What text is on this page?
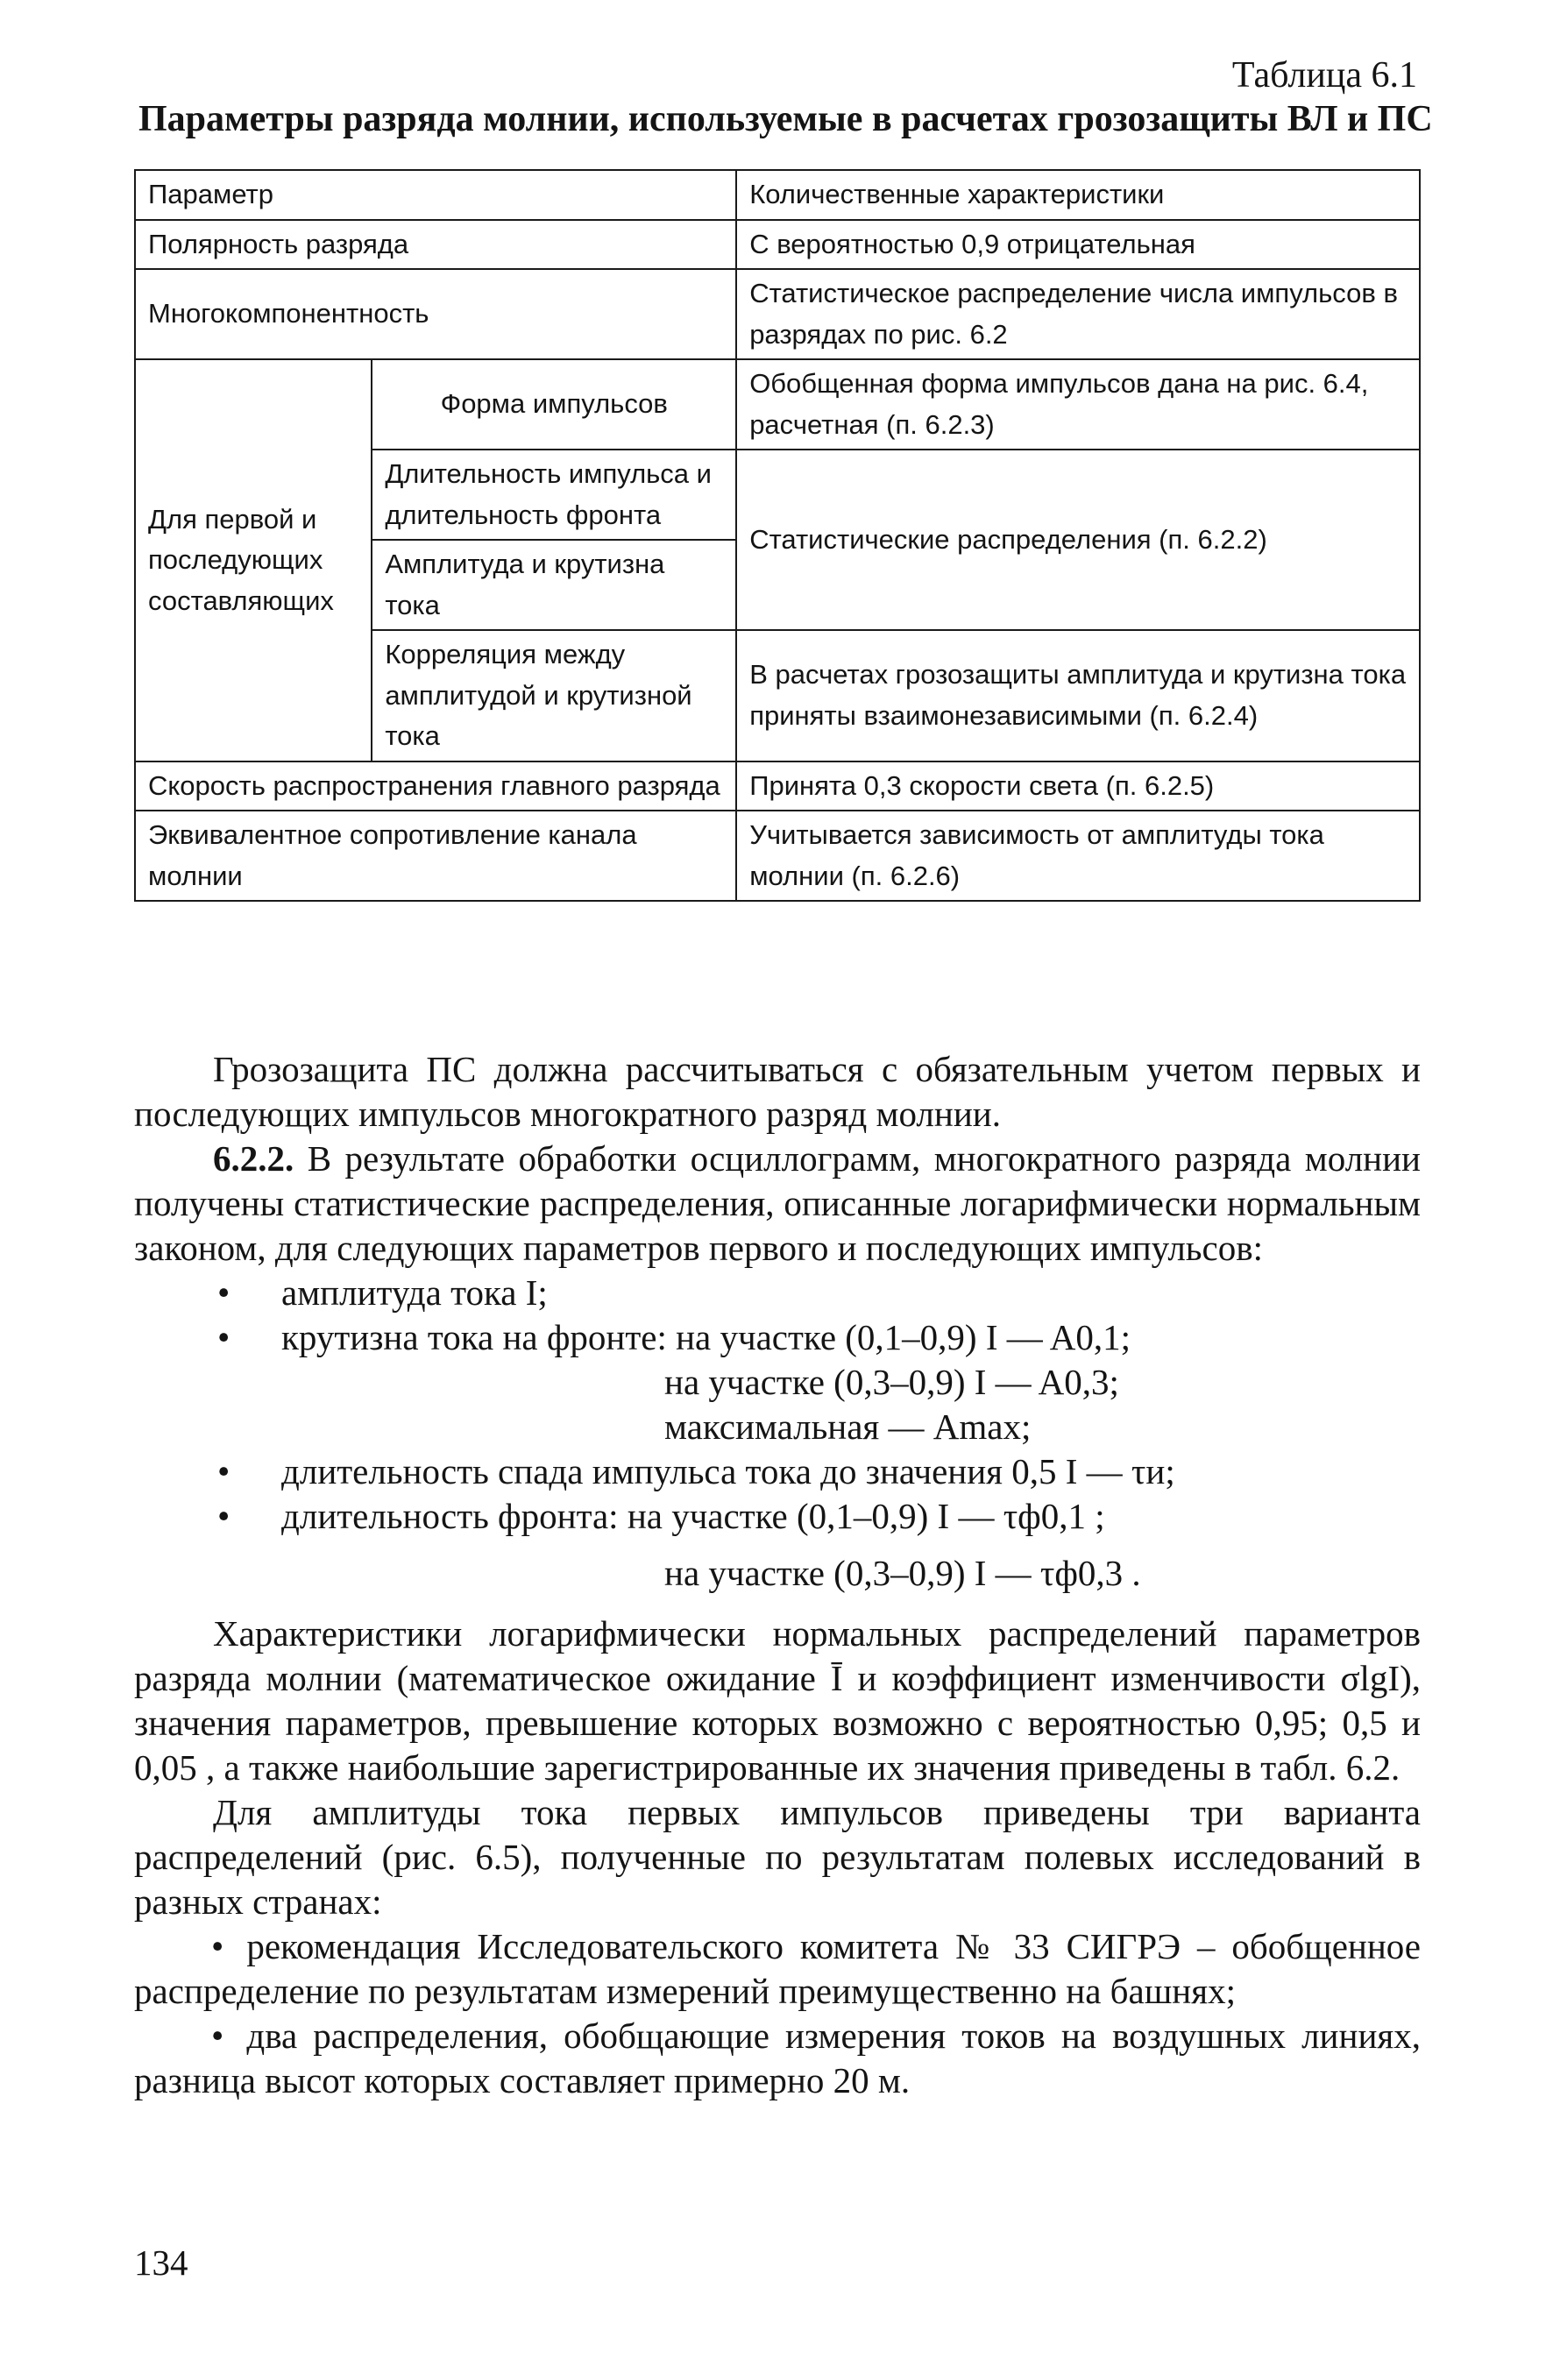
Таблица 6.1
Параметры разряда молнии, используемые в расчетах грозозащиты ВЛ и ПС
Параметр		Количественные характеристики
Полярность разряда		С вероятностью 0,9 отрицательная
Многокомпонентность		Статистическое распределение числа импульсов в разрядах по рис. 6.2
Для первой и последующих составляющих	Форма импульсов	Обобщенная форма импульсов дана на рис. 6.4, расчетная (п. 6.2.3)
	Длительность импульса и длительность фронта	Статистические распределения (п. 6.2.2)
	Амплитуда и крутизна тока	
	Корреляция между амплитудой и крутизной тока	В расчетах грозозащиты амплитуда и крутизна тока приняты взаимонезависимыми (п. 6.2.4)
Скорость распространения главного разряда		Принята 0,3 скорости света (п. 6.2.5)
Эквивалентное сопротивление канала молнии		Учитывается зависимость от амплитуды тока молнии (п. 6.2.6)

Грозозащита ПС должна рассчитываться с обязательным учетом первых и последующих импульсов многократного разряд молнии.

6.2.2. В результате обработки осциллограмм, многократного разряда молнии получены статистические распределения, описанные логарифмически нормальным законом, для следующих параметров первого и последующих импульсов:

• амплитуда тока I;
• крутизна тока на фронте: на участке (0,1–0,9) I — A0,1;
на участке (0,3–0,9) I — A0,3;
максимальная — Amax;
• длительность спада импульса тока до значения 0,5 I — τи;
• длительность фронта: на участке (0,1–0,9) I — τф0,1 ;
на участке (0,3–0,9) I — τф0,3 .

Характеристики логарифмически нормальных распределений параметров разряда молнии (математическое ожидание Ī и коэффициент изменчивости σlgI), значения параметров, превышение которых возможно с вероятностью 0,95; 0,5 и 0,05 , а также наибольшие зарегистрированные их значения приведены в табл. 6.2.

Для амплитуды тока первых импульсов приведены три варианта распределений (рис. 6.5), полученные по результатам полевых исследований в разных странах:

• рекомендация Исследовательского комитета № 33 СИГРЭ – обобщенное распределение по результатам измерений преимущественно на башнях;

• два распределения, обобщающие измерения токов на воздушных линиях, разница высот которых составляет примерно 20 м.

134
